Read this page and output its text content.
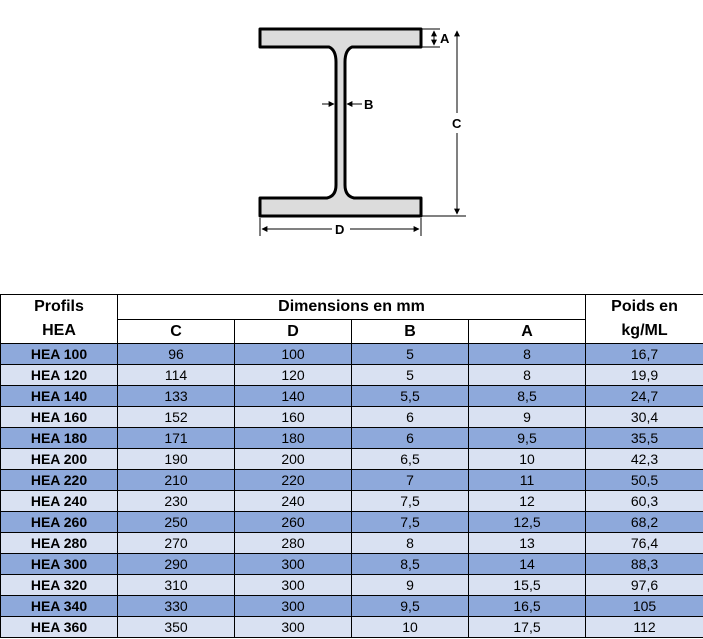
A
B
C
D
Profils	Dimensions en mm				Poids en
HEA	C	D	B	A	kg/ML
HEA 100	96	100	5	8	16,7
HEA 120	114	120	5	8	19,9
HEA 140	133	140	5,5	8,5	24,7
HEA 160	152	160	6	9	30,4
HEA 180	171	180	6	9,5	35,5
HEA 200	190	200	6,5	10	42,3
HEA 220	210	220	7	11	50,5
HEA 240	230	240	7,5	12	60,3
HEA 260	250	260	7,5	12,5	68,2
HEA 280	270	280	8	13	76,4
HEA 300	290	300	8,5	14	88,3
HEA 320	310	300	9	15,5	97,6
HEA 340	330	300	9,5	16,5	105
HEA 360	350	300	10	17,5	112
